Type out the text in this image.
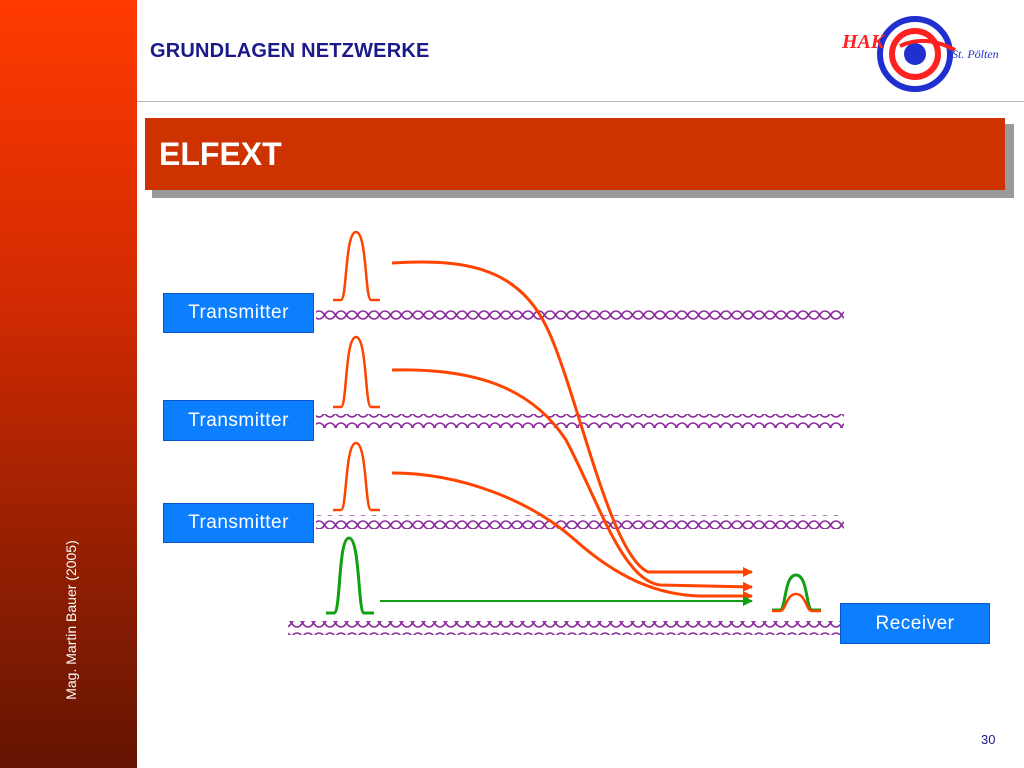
Mag. Martin Bauer (2005)
GRUNDLAGEN NETZWERKE	HAK
St. Pölten
ELFEXT
Transmitter
Transmitter
Transmitter
Receiver
30
